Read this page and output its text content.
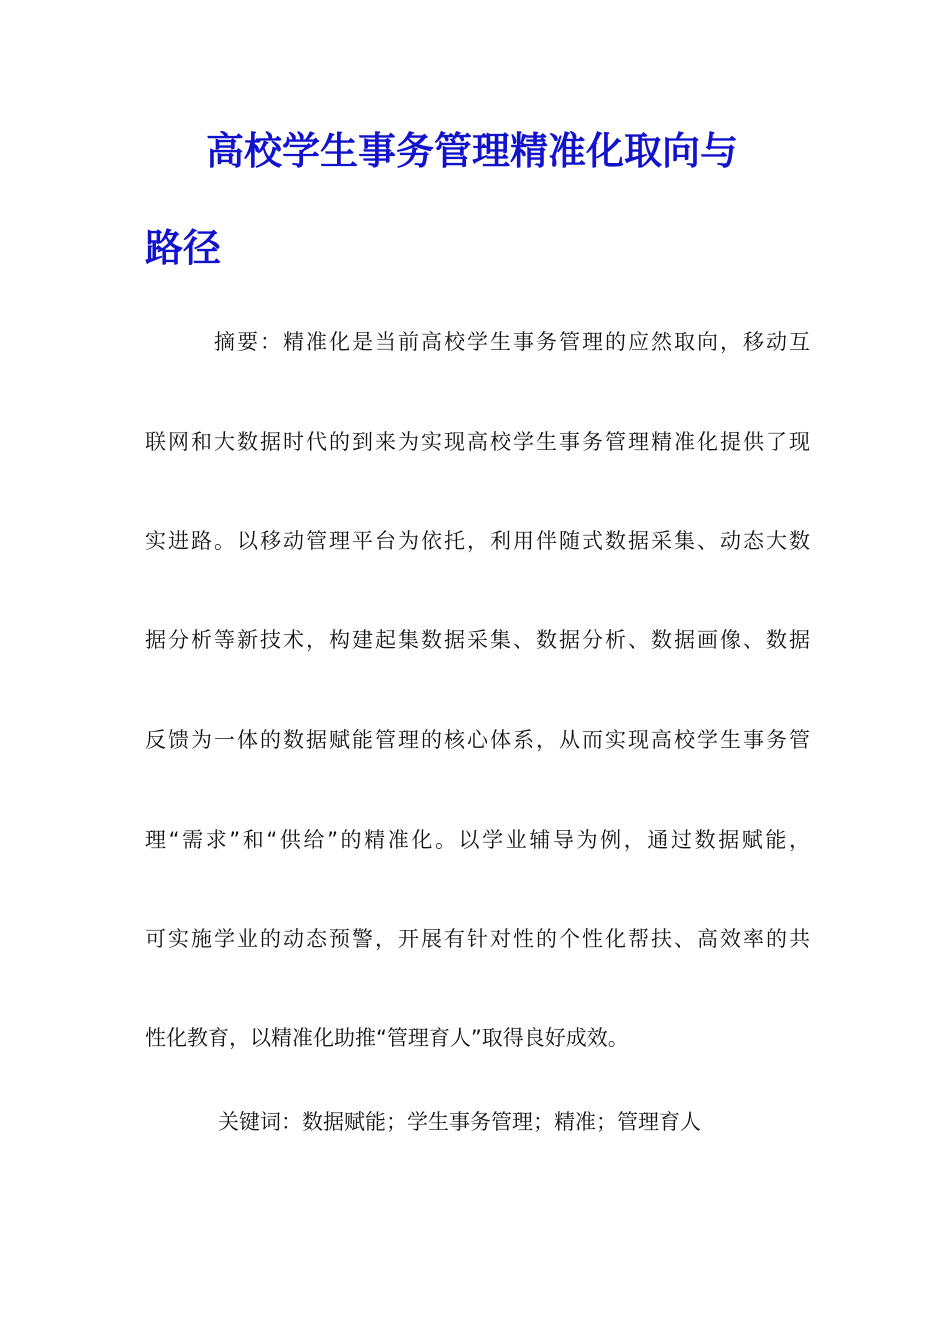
高校学生事务管理精准化取向与
路径
摘要：精准化是当前高校学生事务管理的应然取向，移动互
联网和大数据时代的到来为实现高校学生事务管理精准化提供了现
实进路。以移动管理平台为依托，利用伴随式数据采集、动态大数
据分析等新技术，构建起集数据采集、数据分析、数据画像、数据
反馈为一体的数据赋能管理的核心体系，从而实现高校学生事务管
理“需求”和“供给”的精准化。以学业辅导为例，通过数据赋能，
可实施学业的动态预警，开展有针对性的个性化帮扶、高效率的共
性化教育，以精准化助推“管理育人”取得良好成效。
关键词：数据赋能；学生事务管理；精准；管理育人
